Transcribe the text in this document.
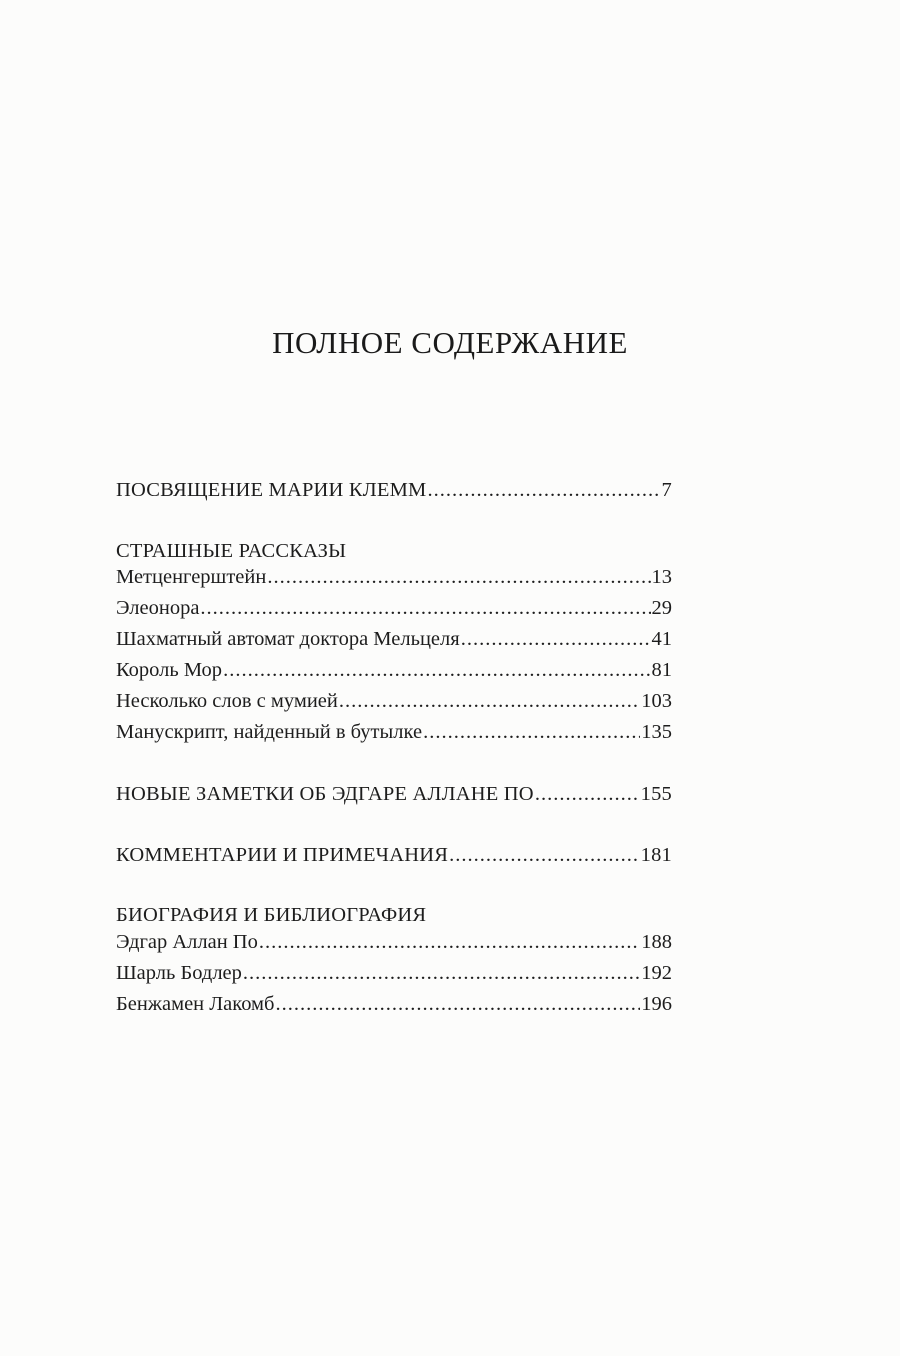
ПОЛНОЕ СОДЕРЖАНИЕ
ПОСВЯЩЕНИЕ МАРИИ КЛЕММ .....	7
СТРАШНЫЕ РАССКАЗЫ
Метценгерштейн .....	13
Элеонора .....	29
Шахматный автомат доктора Мельцеля .....	41
Король Мор .....	81
Несколько слов с мумией .....	103
Манускрипт, найденный в бутылке .....	135
НОВЫЕ ЗАМЕТКИ ОБ ЭДГАРЕ АЛЛАНЕ ПО .....	155
КОММЕНТАРИИ И ПРИМЕЧАНИЯ .....	181
БИОГРАФИЯ И БИБЛИОГРАФИЯ
Эдгар Аллан По .....	188
Шарль Бодлер .....	192
Бенжамен Лакомб .....	196
